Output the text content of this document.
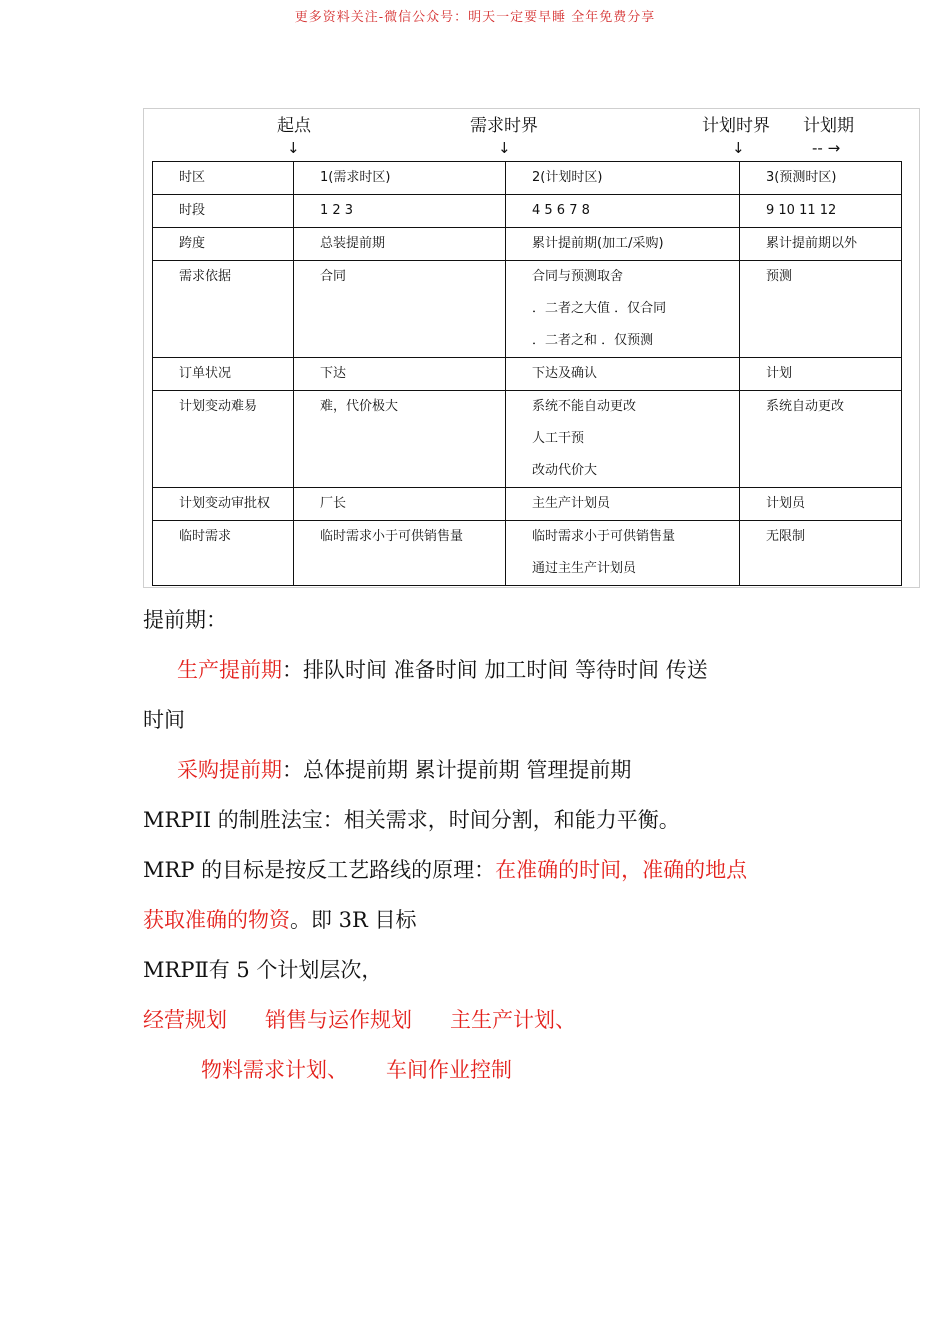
更多资料关注-微信公众号：明天一定要早睡 全年免费分享
起点	需求时界	计划时界 计划期
↓	↓	↓	-- →
时区	1(需求时区)	2(计划时区)	3(预测时区)

时段	1 2 3	4 5 6 7 8	9 10 11 12

跨度	总装提前期	累计提前期(加工/采购)	累计提前期以外

需求依据	合同	合同与预测取舍
．二者之大值 ．仅合同
．二者之和 ．仅预测	预测

订单状况	下达	下达及确认	计划

计划变动难易	难，代价极大	系统不能自动更改
人工干预
改动代价大	系统自动更改

计划变动审批权	厂长	主生产计划员	计划员

临时需求	临时需求小于可供销售量	临时需求小于可供销售量
通过主生产计划员	无限制
提前期：
生产提前期：排队时间 准备时间 加工时间 等待时间 传送
时间
采购提前期：总体提前期 累计提前期 管理提前期
MRPII 的制胜法宝：相关需求，时间分割，和能力平衡。
MRP 的目标是按反工艺路线的原理：在准确的时间，准确的地点
获取准确的物资。即 3R 目标
MRPⅡ有 5 个计划层次，
经营规划 销售与运作规划 主生产计划、
物料需求计划、 车间作业控制
